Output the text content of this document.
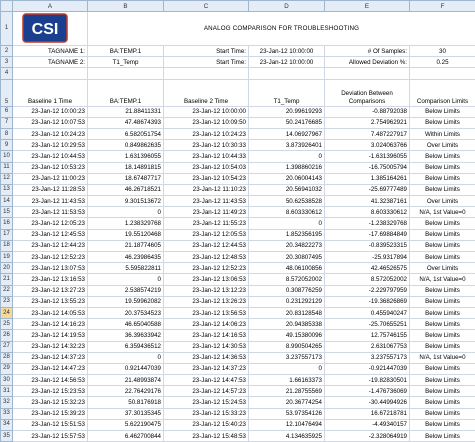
	A	B	C	D	E	F
1		ANALOG COMPARISON FOR TROUBLESHOOTING				
2	TAGNAME 1:	BA:TEMP.1	Start Time:	23-Jan-12 10:00:00	# Of Samples:	30
3	TAGNAME 2:	T1_Temp	Start Time:	23-Jan-12 10:00:00	Allowed Deviation %:	0.25
4						
5	Baseline 1 Time	BA:TEMP.1	Baseline 2 Time	T1_Temp	Deviation Between Comparisons	Comparison Limits
6	23-Jan-12 10:00:23	21.88411331	23-Jan-12 10:00:00	20.99619293	-0.88792038	Below Limits
7	23-Jan-12 10:07:53	47.48674393	23-Jan-12 10:09:50	50.24176685	2.754962921	Below Limits
8	23-Jan-12 10:24:23	6.582051754	23-Jan-12 10:24:23	14.06927967	7.487227917	Within Limits
9	23-Jan-12 10:29:53	0.849862635	23-Jan-12 10:30:33	3.873926401	3.024063766	Over Limits
10	23-Jan-12 10:44:53	1.631396055	23-Jan-12 10:44:33	0	-1.631396055	Below Limits
11	23-Jan-12 10:53:23	18.14891815	23-Jan-12 10:54:03	1.398860216	-16.75005794	Below Limits
12	23-Jan-12 11:00:23	18.67487717	23-Jan-12 10:54:23	20.06004143	1.385164261	Below Limits
13	23-Jan-12 11:28:53	46.26718521	23-Jan-12 11:10:23	20.56941032	-25.69777489	Below Limits
14	23-Jan-12 11:43:53	9.301513672	23-Jan-12 11:43:53	50.62538528	41.32387161	Over Limits
15	23-Jan-12 11:53:53	0	23-Jan-12 11:49:23	8.603330612	8.603330612	N/A, 1st Value=0
16	23-Jan-12 12:05:23	1.238329768	23-Jan-12 11:55:23	0	-1.238329768	Below Limits
17	23-Jan-12 12:45:53	19.55120468	23-Jan-12 12:05:53	1.852356195	-17.69884849	Below Limits
18	23-Jan-12 12:44:23	21.18774605	23-Jan-12 12:44:53	20.34822273	-0.839523315	Below Limits
19	23-Jan-12 12:52:23	46.23986435	23-Jan-12 12:48:53	20.30807495	-25.9317894	Below Limits
20	23-Jan-12 13:07:53	5.595822811	23-Jan-12 12:52:23	48.06100856	42.46526575	Over Limits
21	23-Jan-12 13:16:53	0	23-Jan-12 13:06:53	8.572052002	8.572052002	N/A, 1st Value=0
22	23-Jan-12 13:27:23	2.538574219	23-Jan-12 13:12:23	0.308776259	-2.229797959	Below Limits
23	23-Jan-12 13:55:23	19.59962082	23-Jan-12 13:26:23	0.231292129	-19.36826869	Below Limits
24	23-Jan-12 14:05:53	20.37534523	23-Jan-12 13:56:53	20.83128548	0.455940247	Below Limits
25	23-Jan-12 14:16:23	46.65040588	23-Jan-12 14:06:23	20.94385338	-25.70655251	Below Limits
26	23-Jan-12 14:19:53	36.39633942	23-Jan-12 14:16:53	49.15380096	12.75746155	Below Limits
27	23-Jan-12 14:32:23	6.359436512	23-Jan-12 14:30:53	8.990504265	2.631067753	Below Limits
28	23-Jan-12 14:37:23	0	23-Jan-12 14:36:53	3.237557173	3.237557173	N/A, 1st Value=0
29	23-Jan-12 14:47:23	0.921447039	23-Jan-12 14:37:23	0	-0.921447039	Below Limits
30	23-Jan-12 14:56:53	21.48993874	23-Jan-12 14:47:53	1.66163373	-19.82830501	Below Limits
31	23-Jan-12 15:23:53	22.76429176	23-Jan-12 14:57:23	21.28755569	-1.476736069	Below Limits
32	23-Jan-12 15:32:23	50.8176918	23-Jan-12 15:24:53	20.36774254	-30.44994926	Below Limits
33	23-Jan-12 15:39:23	37.30135345	23-Jan-12 15:33:23	53.97354126	16.67218781	Below Limits
34	23-Jan-12 15:51:53	5.622190475	23-Jan-12 15:40:23	12.10476494	-4.49340157	Below Limits
35	23-Jan-12 15:57:53	6.462700844	23-Jan-12 15:48:53	4.134635925	-2.328064919	Below Limits
CSI
